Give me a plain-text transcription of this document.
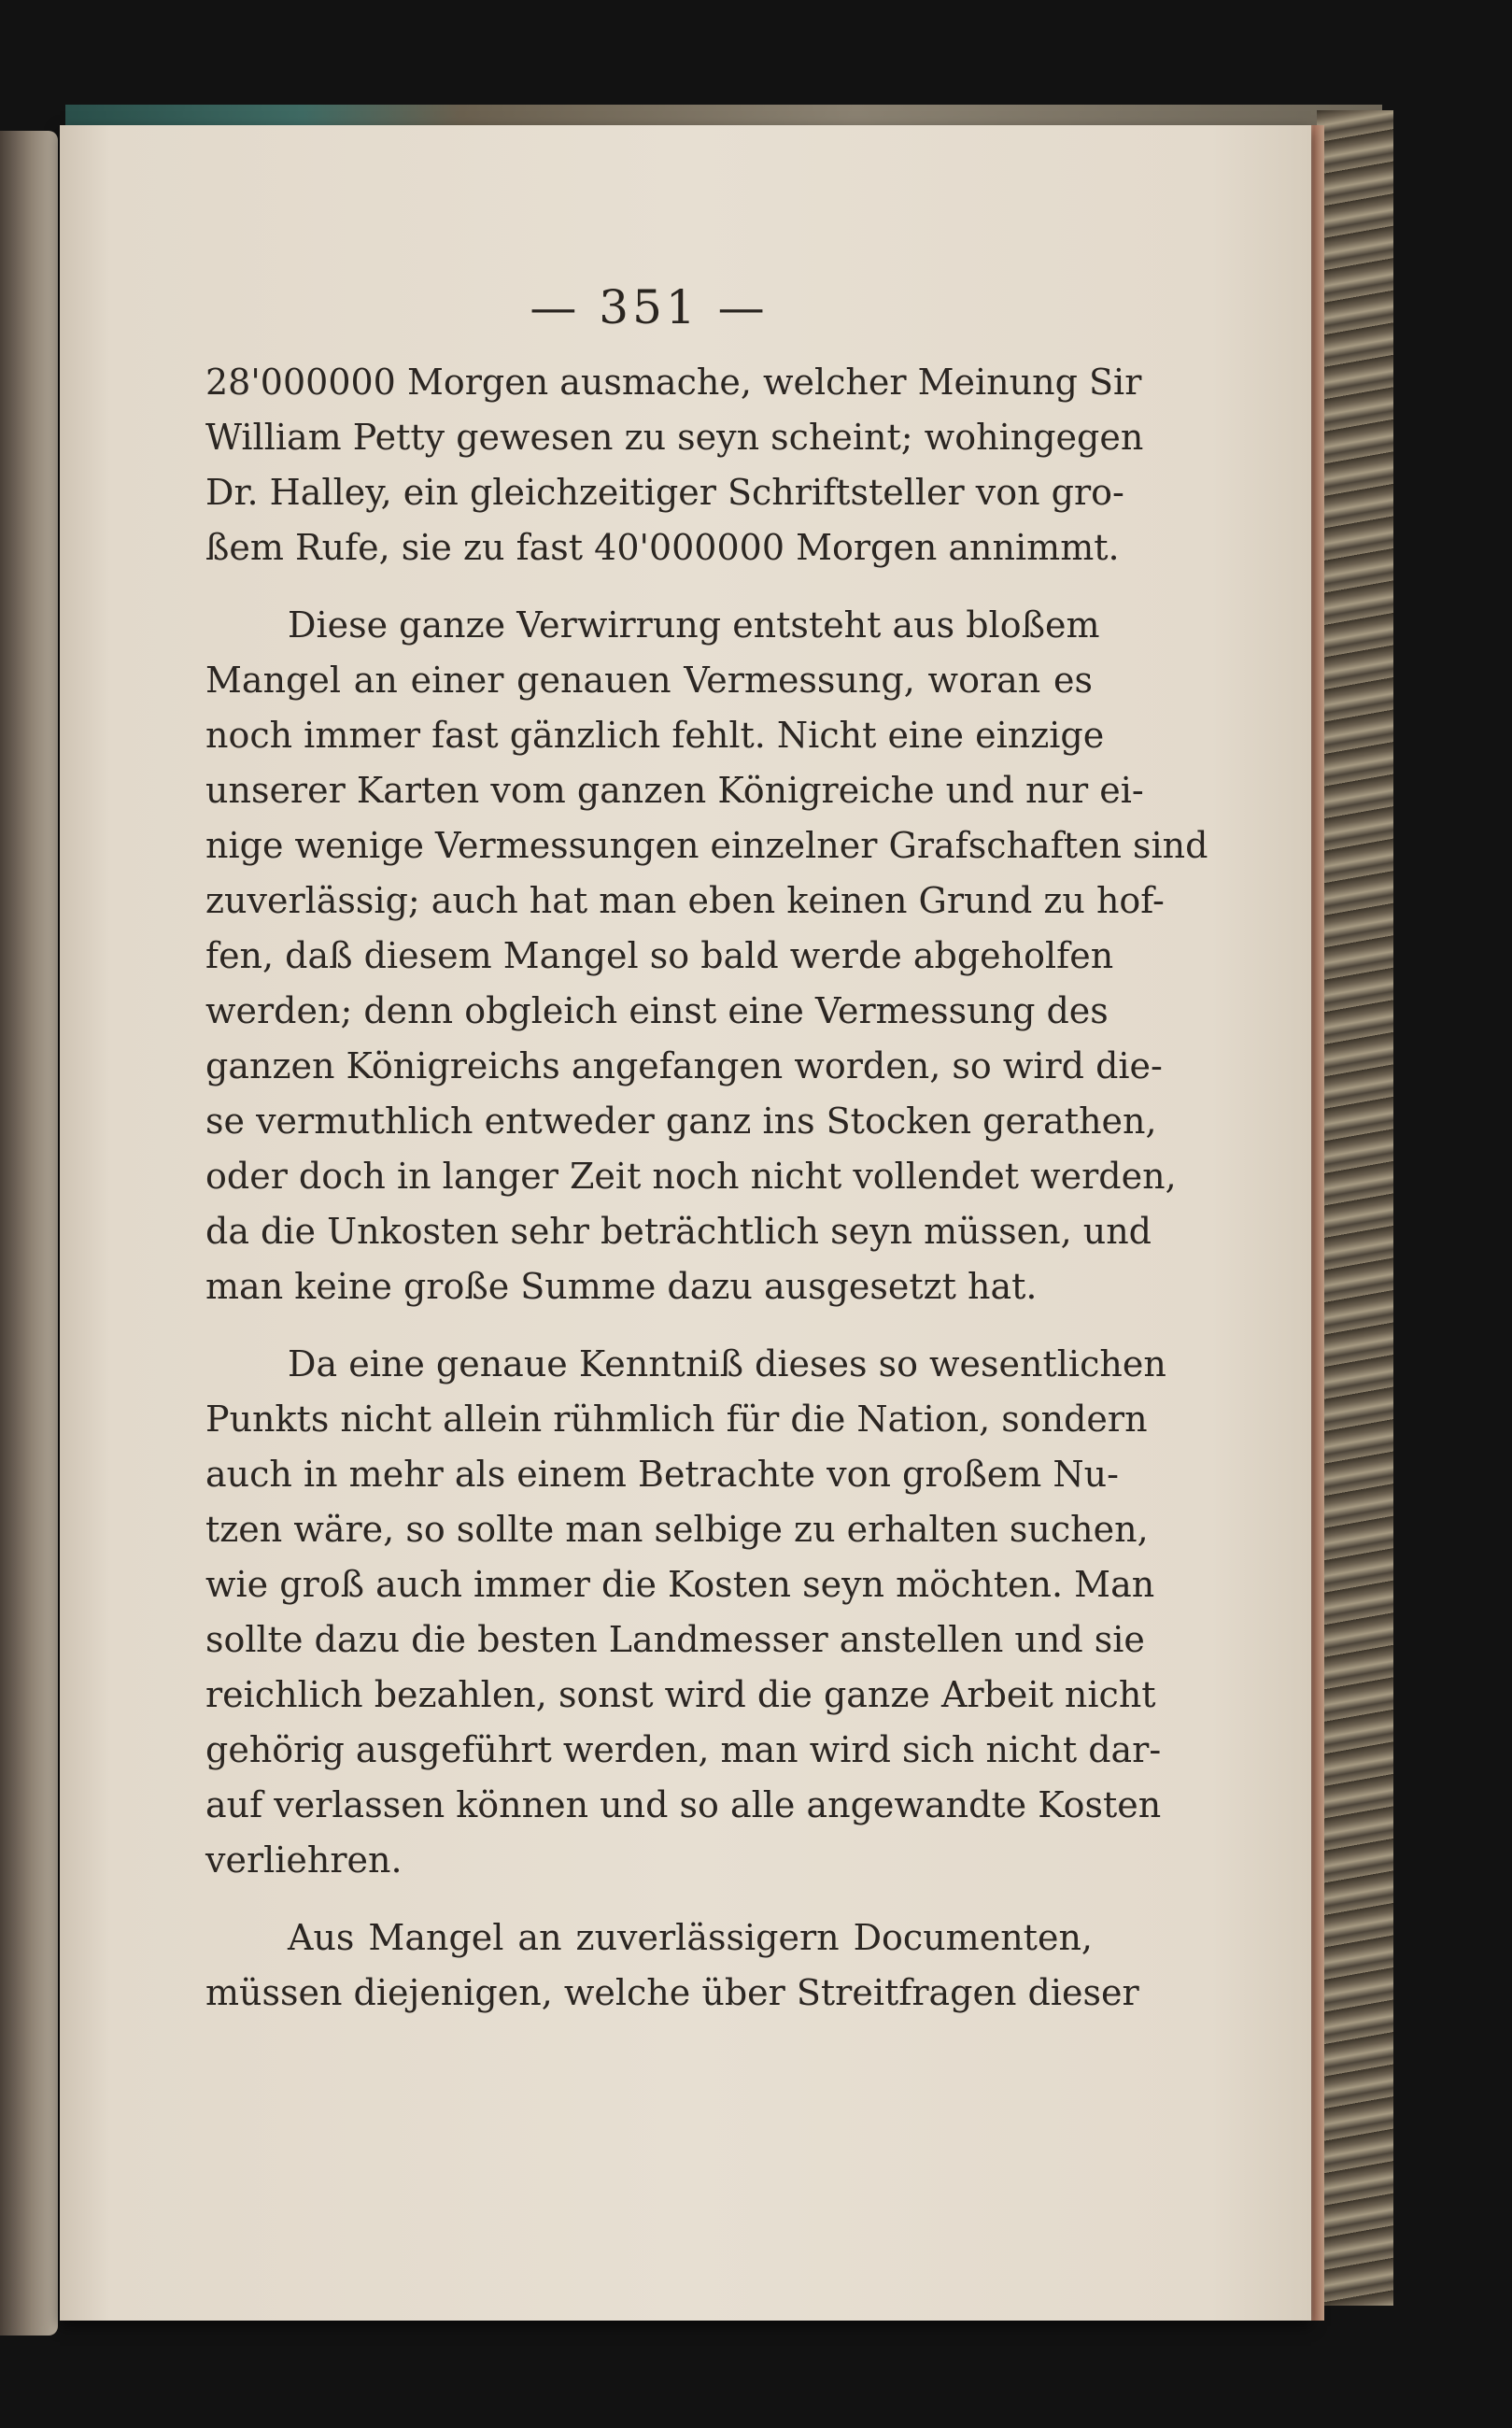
— 351 —
28'000000 Morgen ausmache, welcher Meinung Sir
William Petty gewesen zu seyn scheint; wohingegen
Dr. Halley, ein gleichzeitiger Schriftsteller von gro-
ßem Rufe, sie zu fast 40'000000 Morgen annimmt.
Diese ganze Verwirrung entsteht aus bloßem
Mangel an einer genauen Vermessung, woran es
noch immer fast gänzlich fehlt. Nicht eine einzige
unserer Karten vom ganzen Königreiche und nur ei-
nige wenige Vermessungen einzelner Grafschaften sind
zuverlässig; auch hat man eben keinen Grund zu hof-
fen, daß diesem Mangel so bald werde abgeholfen
werden; denn obgleich einst eine Vermessung des
ganzen Königreichs angefangen worden, so wird die-
se vermuthlich entweder ganz ins Stocken gerathen,
oder doch in langer Zeit noch nicht vollendet werden,
da die Unkosten sehr beträchtlich seyn müssen, und
man keine große Summe dazu ausgesetzt hat.
Da eine genaue Kenntniß dieses so wesentlichen
Punkts nicht allein rühmlich für die Nation, sondern
auch in mehr als einem Betrachte von großem Nu-
tzen wäre, so sollte man selbige zu erhalten suchen,
wie groß auch immer die Kosten seyn möchten. Man
sollte dazu die besten Landmesser anstellen und sie
reichlich bezahlen, sonst wird die ganze Arbeit nicht
gehörig ausgeführt werden, man wird sich nicht dar-
auf verlassen können und so alle angewandte Kosten
verliehren.
Aus Mangel an zuverlässigern Documenten,
müssen diejenigen, welche über Streitfragen dieser
